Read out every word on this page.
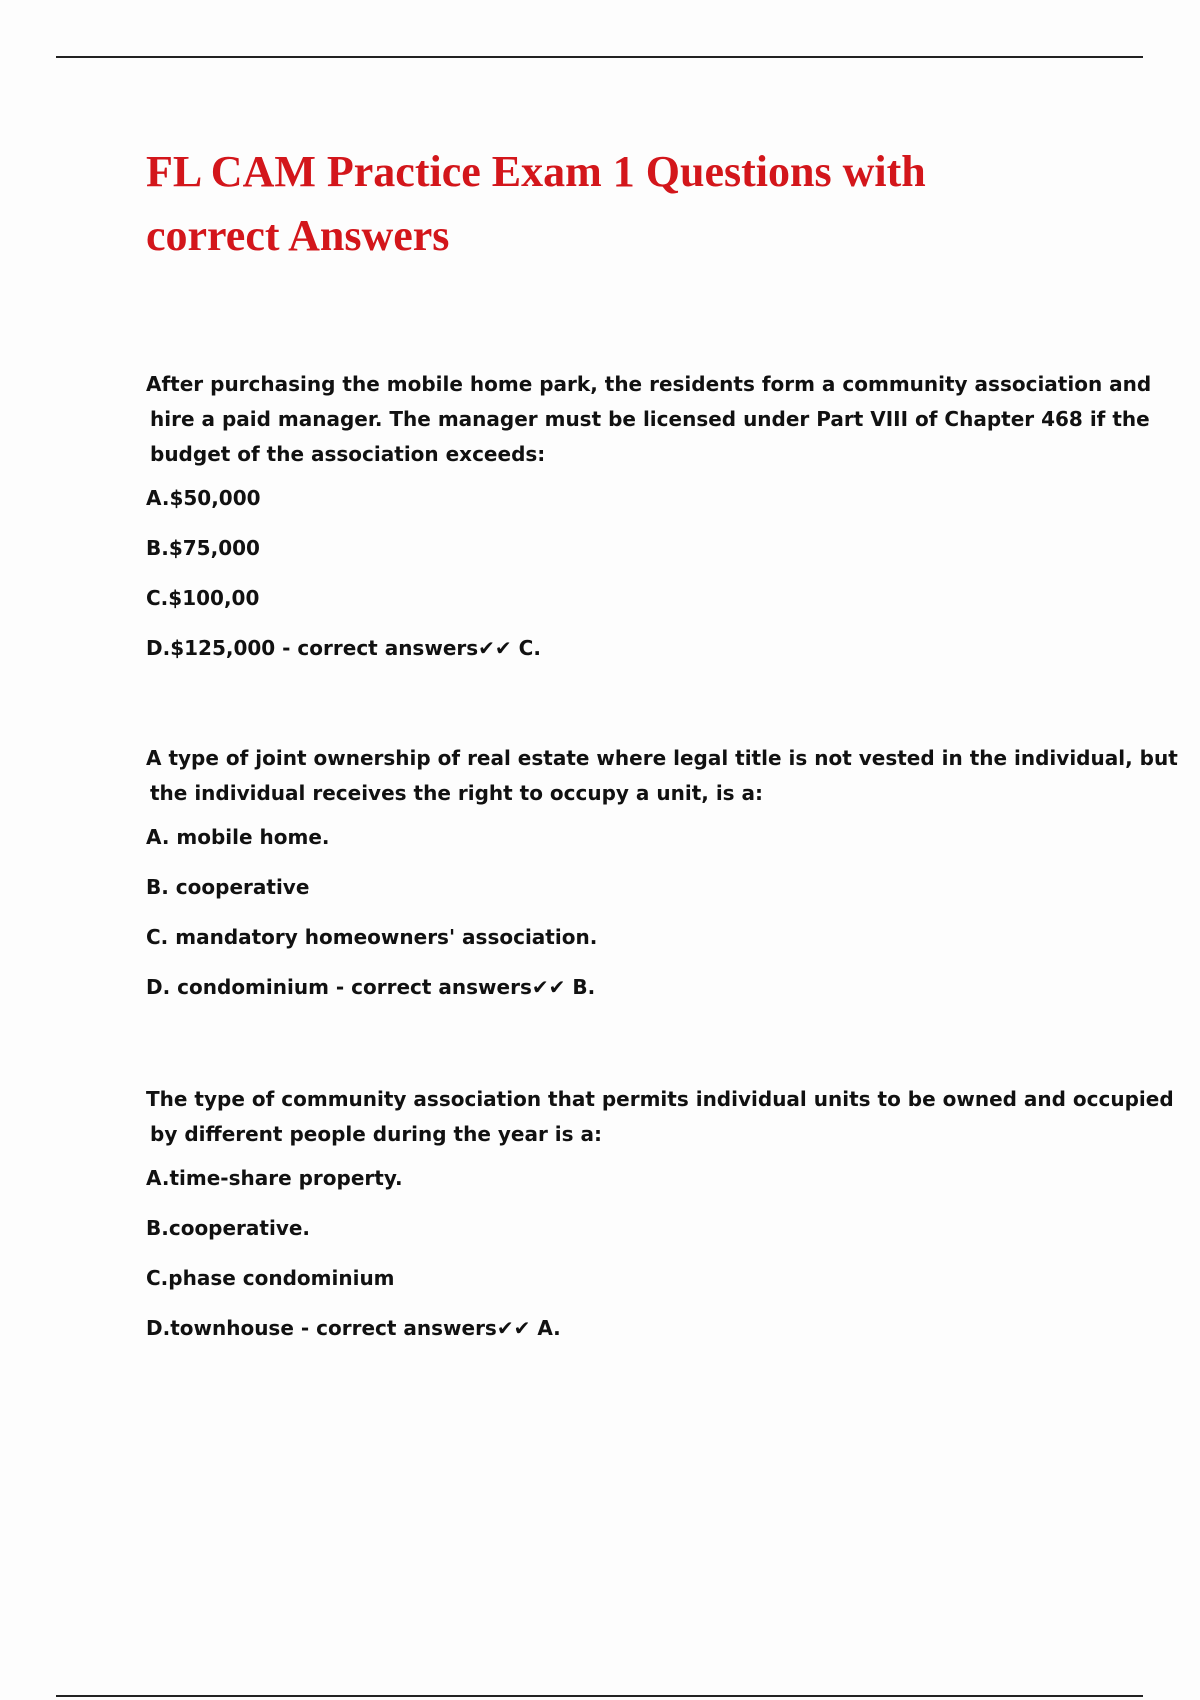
FL CAM Practice Exam 1 Questions with
correct Answers

After purchasing the mobile home park, the residents form a community association and
hire a paid manager. The manager must be licensed under Part VIII of Chapter 468 if the
budget of the association exceeds:

A.$50,000
B.$75,000
C.$100,00
D.$125,000 - correct answers✔✔ C.

A type of joint ownership of real estate where legal title is not vested in the individual, but
the individual receives the right to occupy a unit, is a:

A. mobile home.
B. cooperative
C. mandatory homeowners' association.
D. condominium - correct answers✔✔ B.

The type of community association that permits individual units to be owned and occupied
by different people during the year is a:

A.time-share property.
B.cooperative.
C.phase condominium
D.townhouse - correct answers✔✔ A.
